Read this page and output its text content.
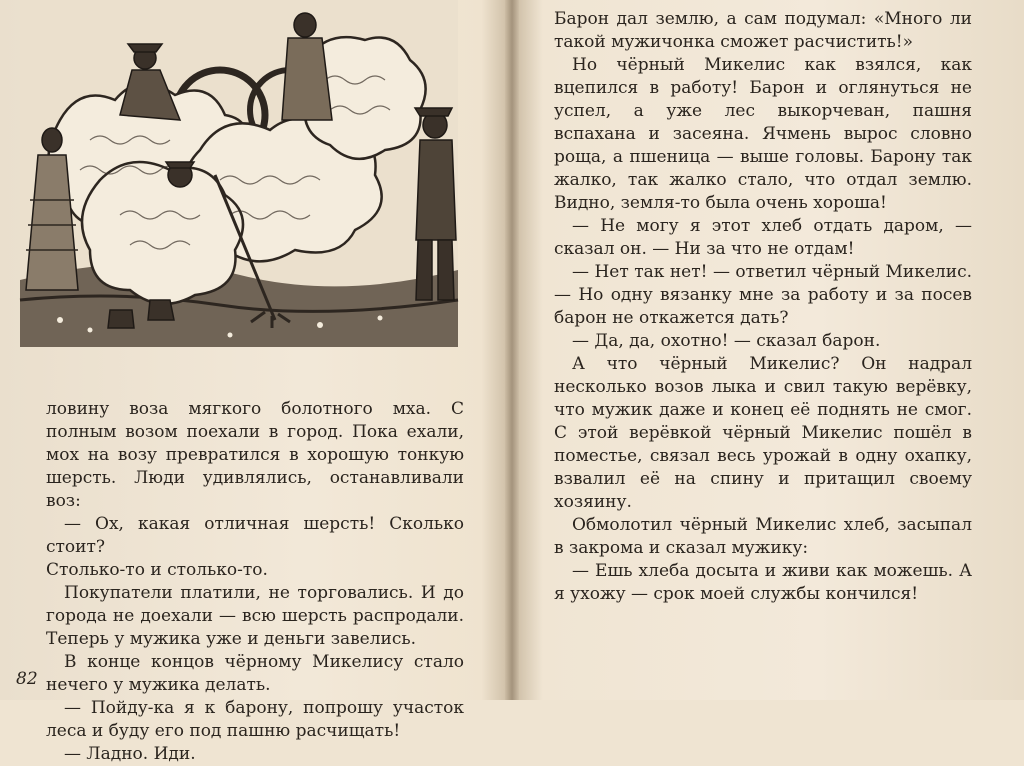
ловину воза мягкого болотного мха. С полным возом поехали в город. Пока ехали, мох на возу превратился в хорошую тонкую шерсть. Люди удивлялись, останавливали воз:

— Ох, какая отличная шерсть! Сколько стоит?

Столько-то и столько-то.

Покупатели платили, не торговались. И до города не доехали — всю шерсть распродали. Теперь у мужика уже и деньги завелись.

В конце концов чёрному Микелису стало нечего у мужика делать.

— Пойду-ка я к барону, попрошу участок леса и буду его под пашню расчищать!

— Ладно. Иди.

82

Барон дал землю, а сам подумал: «Много ли такой мужичонка сможет расчистить!»

Но чёрный Микелис как взялся, как вцепился в работу! Барон и оглянуться не успел, а уже лес выкорчеван, пашня вспахана и засеяна. Ячмень вырос словно роща, а пшеница — выше головы. Барону так жалко, так жалко стало, что отдал землю. Видно, земля-то была очень хороша!

— Не могу я этот хлеб отдать даром, — сказал он. — Ни за что не отдам!

— Нет так нет! — ответил чёрный Микелис. — Но одну вязанку мне за работу и за посев барон не откажется дать?

— Да, да, охотно! — сказал барон.

А что чёрный Микелис? Он надрал несколько возов лыка и свил такую верёвку, что мужик даже и конец её поднять не смог. С этой верёвкой чёрный Микелис пошёл в поместье, связал весь урожай в одну охапку, взвалил её на спину и притащил своему хозяину.

Обмолотил чёрный Микелис хлеб, засыпал в закрома и сказал мужику:

— Ешь хлеба досыта и живи как можешь. А я ухожу — срок моей службы кончился!
